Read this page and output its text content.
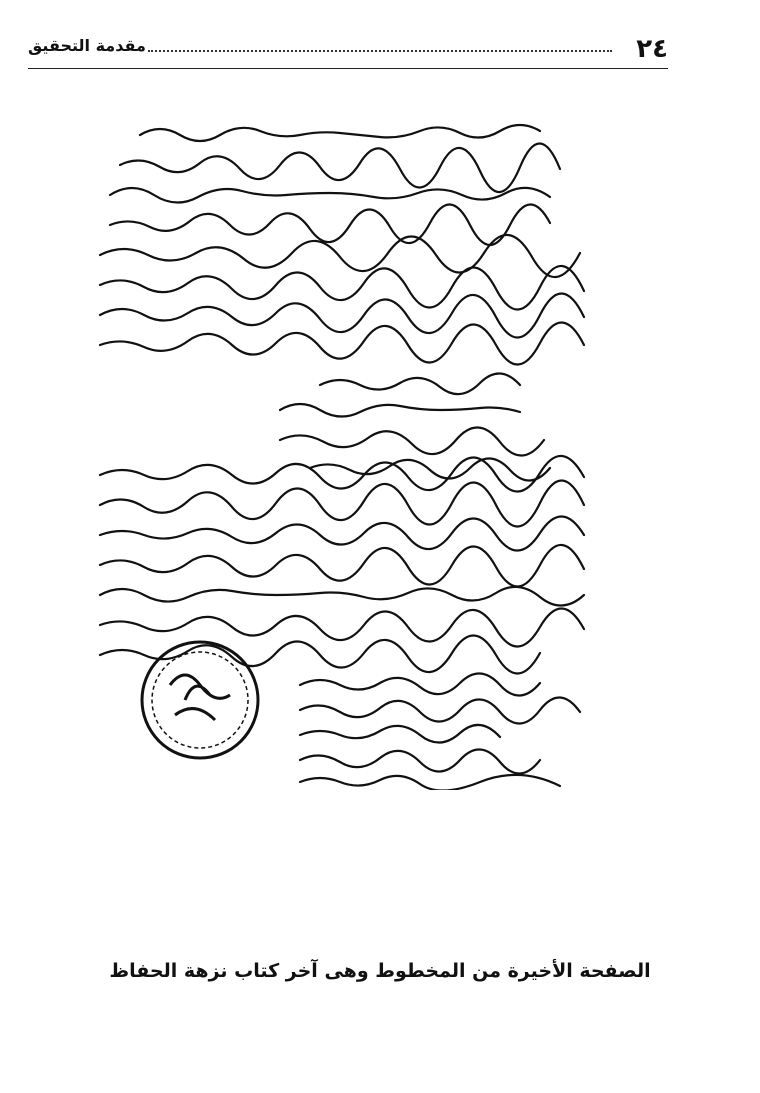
٢٤
مقدمة التحقيق
الصفحة الأخيرة من المخطوط وهى آخر كتاب نزهة الحفاظ
